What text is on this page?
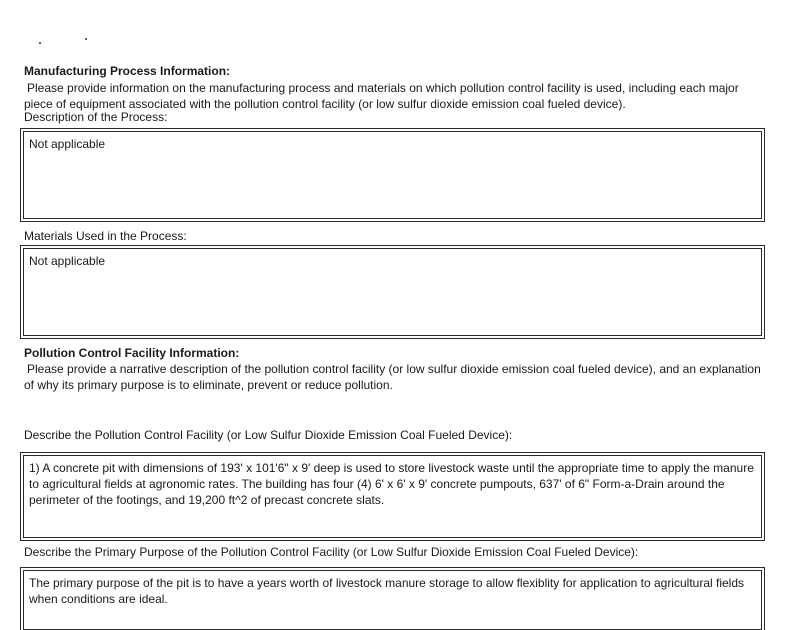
Manufacturing Process Information:
Please provide information on the manufacturing process and materials on which pollution control facility is used, including each major piece of equipment associated with the pollution control facility (or low sulfur dioxide emission coal fueled device).
Description of the Process:
Not applicable
Materials Used in the Process:
Not applicable
Pollution Control Facility Information:
Please provide a narrative description of the pollution control facility (or low sulfur dioxide emission coal fueled device), and an explanation of why its primary purpose is to eliminate, prevent or reduce pollution.
Describe the Pollution Control Facility (or Low Sulfur Dioxide Emission Coal Fueled Device):
1) A concrete pit with dimensions of 193' x 101'6" x 9' deep is used to store livestock waste until the appropriate time to apply the manure to agricultural fields at agronomic rates. The building has four (4) 6' x 6' x 9' concrete pumpouts, 637' of 6" Form-a-Drain around the perimeter of the footings, and 19,200 ft^2 of precast concrete slats.
Describe the Primary Purpose of the Pollution Control Facility (or Low Sulfur Dioxide Emission Coal Fueled Device):
The primary purpose of the pit is to have a years worth of livestock manure storage to allow flexiblity for application to agricultural fields when conditions are ideal.
